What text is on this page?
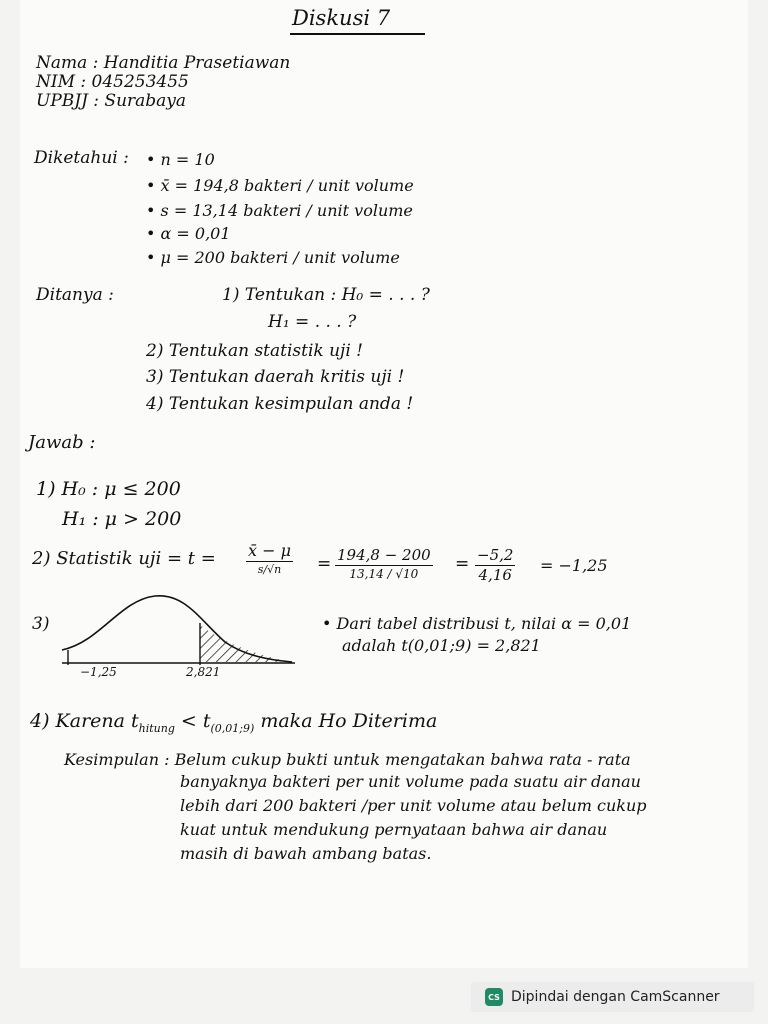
Diskusi 7
Nama : Handitia Prasetiawan
NIM : 045253455
UPBJJ : Surabaya
Diketahui : • n = 10
• x̄ = 194,8 bakteri / unit volume
• s = 13,14 bakteri / unit volume
• α = 0,01
• μ = 200 bakteri / unit volume
Ditanya :	1) Tentukan : H₀ = . . . ?
H₁ = . . . ?
2) Tentukan statistik uji !
3) Tentukan daerah kritis uji !
4) Tentukan kesimpulan anda !
Jawab :
1) H₀ : μ ≤ 200
H₁ : μ > 200
2) Statistik uji = t = x̄ − μ
s/√n	= 194,8 − 200
13,14 / √10	= $\frac{-5,2}{4,16} = -1,25$
3)
−1,25	2,821
• Dari tabel distribusi t, nilai α = 0,01
adalah t(0,01;9) = 2,821
4) Karena $t_{hitung} < t_{(0,01;9)}$ maka Ho Diterima
Kesimpulan : Belum cukup bukti untuk mengatakan bahwa rata - rata
banyaknya bakteri per unit volume pada suatu air danau
lebih dari 200 bakteri /per unit volume atau belum cukup
kuat untuk mendukung pernyataan bahwa air danau
masih di bawah ambang batas.
CS Dipindai dengan CamScanner
